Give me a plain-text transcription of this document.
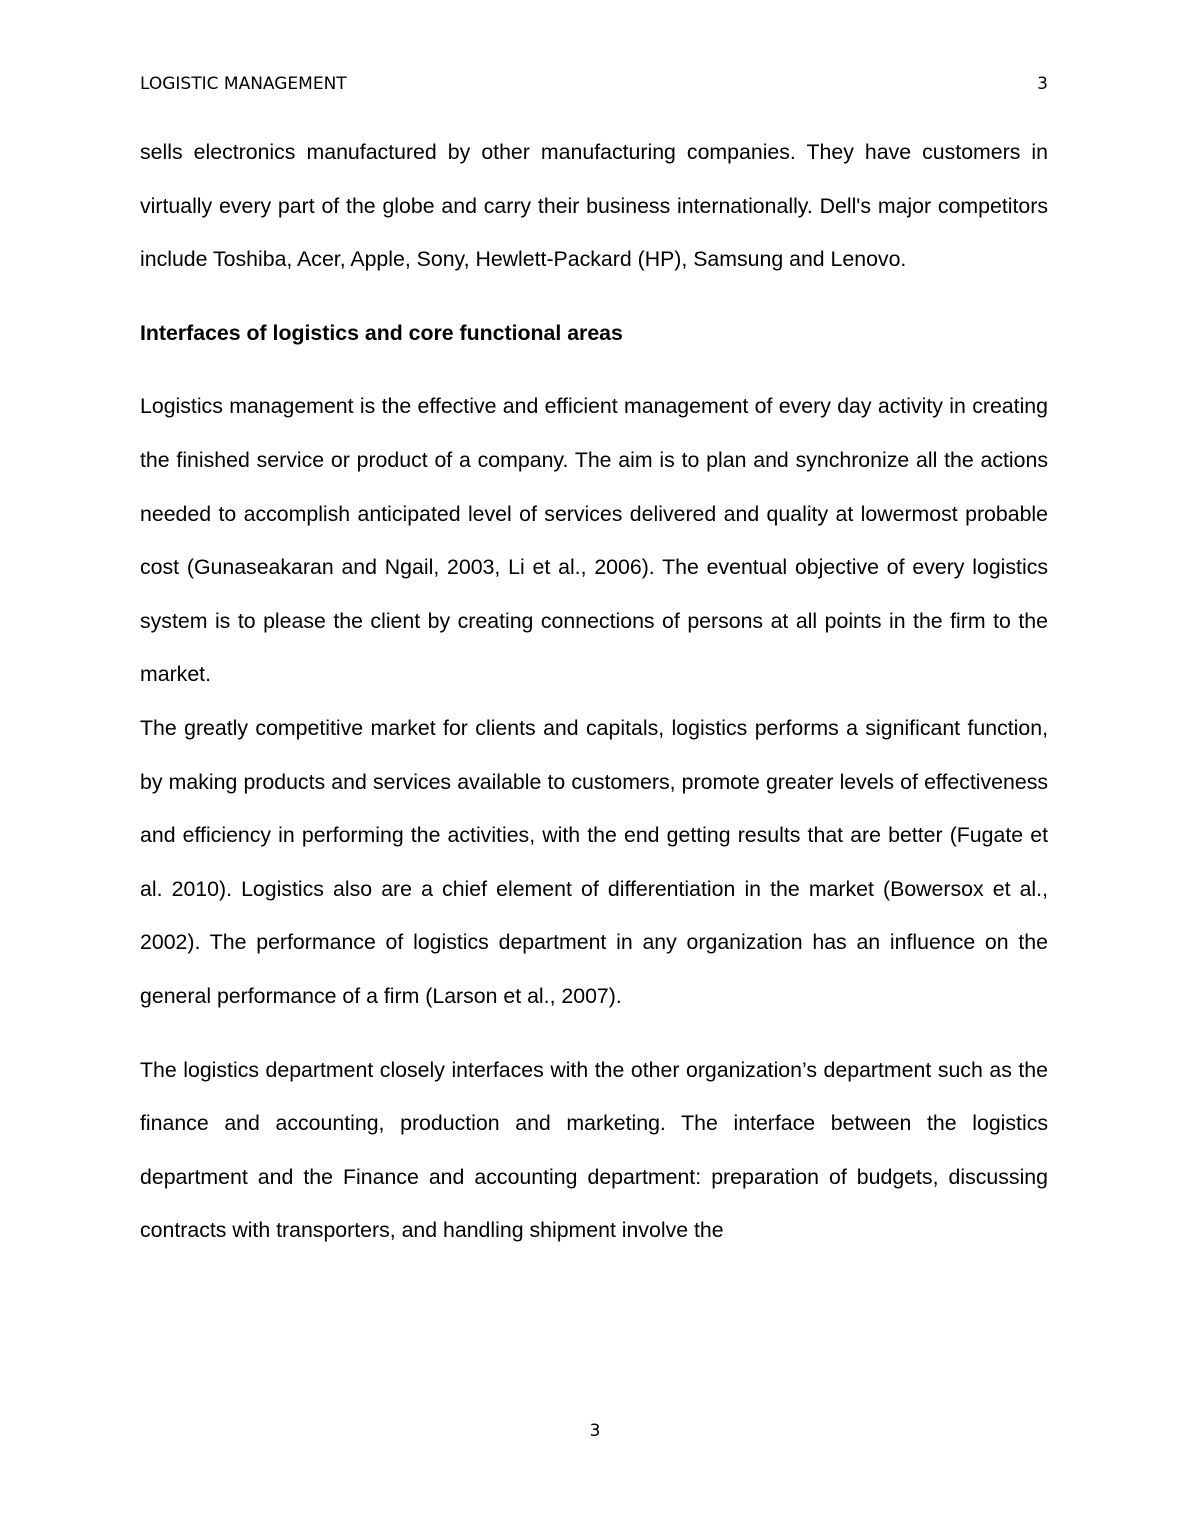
LOGISTIC MANAGEMENT	3

sells electronics manufactured by other manufacturing companies. They have customers in virtually every part of the globe and carry their business internationally. Dell's major competitors include Toshiba, Acer, Apple, Sony, Hewlett-Packard (HP), Samsung and Lenovo.

Interfaces of logistics and core functional areas

Logistics management is the effective and efficient management of every day activity in creating the finished service or product of a company. The aim is to plan and synchronize all the actions needed to accomplish anticipated level of services delivered and quality at lowermost probable cost (Gunaseakaran and Ngail, 2003, Li et al., 2006). The eventual objective of every logistics system is to please the client by creating connections of persons at all points in the firm to the market.

The greatly competitive market for clients and capitals, logistics performs a significant function, by making products and services available to customers, promote greater levels of effectiveness and efficiency in performing the activities, with the end getting results that are better (Fugate et al. 2010). Logistics also are a chief element of differentiation in the market (Bowersox et al., 2002). The performance of logistics department in any organization has an influence on the general performance of a firm (Larson et al., 2007).

The logistics department closely interfaces with the other organization’s department such as the finance and accounting, production and marketing. The interface between the logistics department and the Finance and accounting department: preparation of budgets, discussing contracts with transporters, and handling shipment involve the

3
